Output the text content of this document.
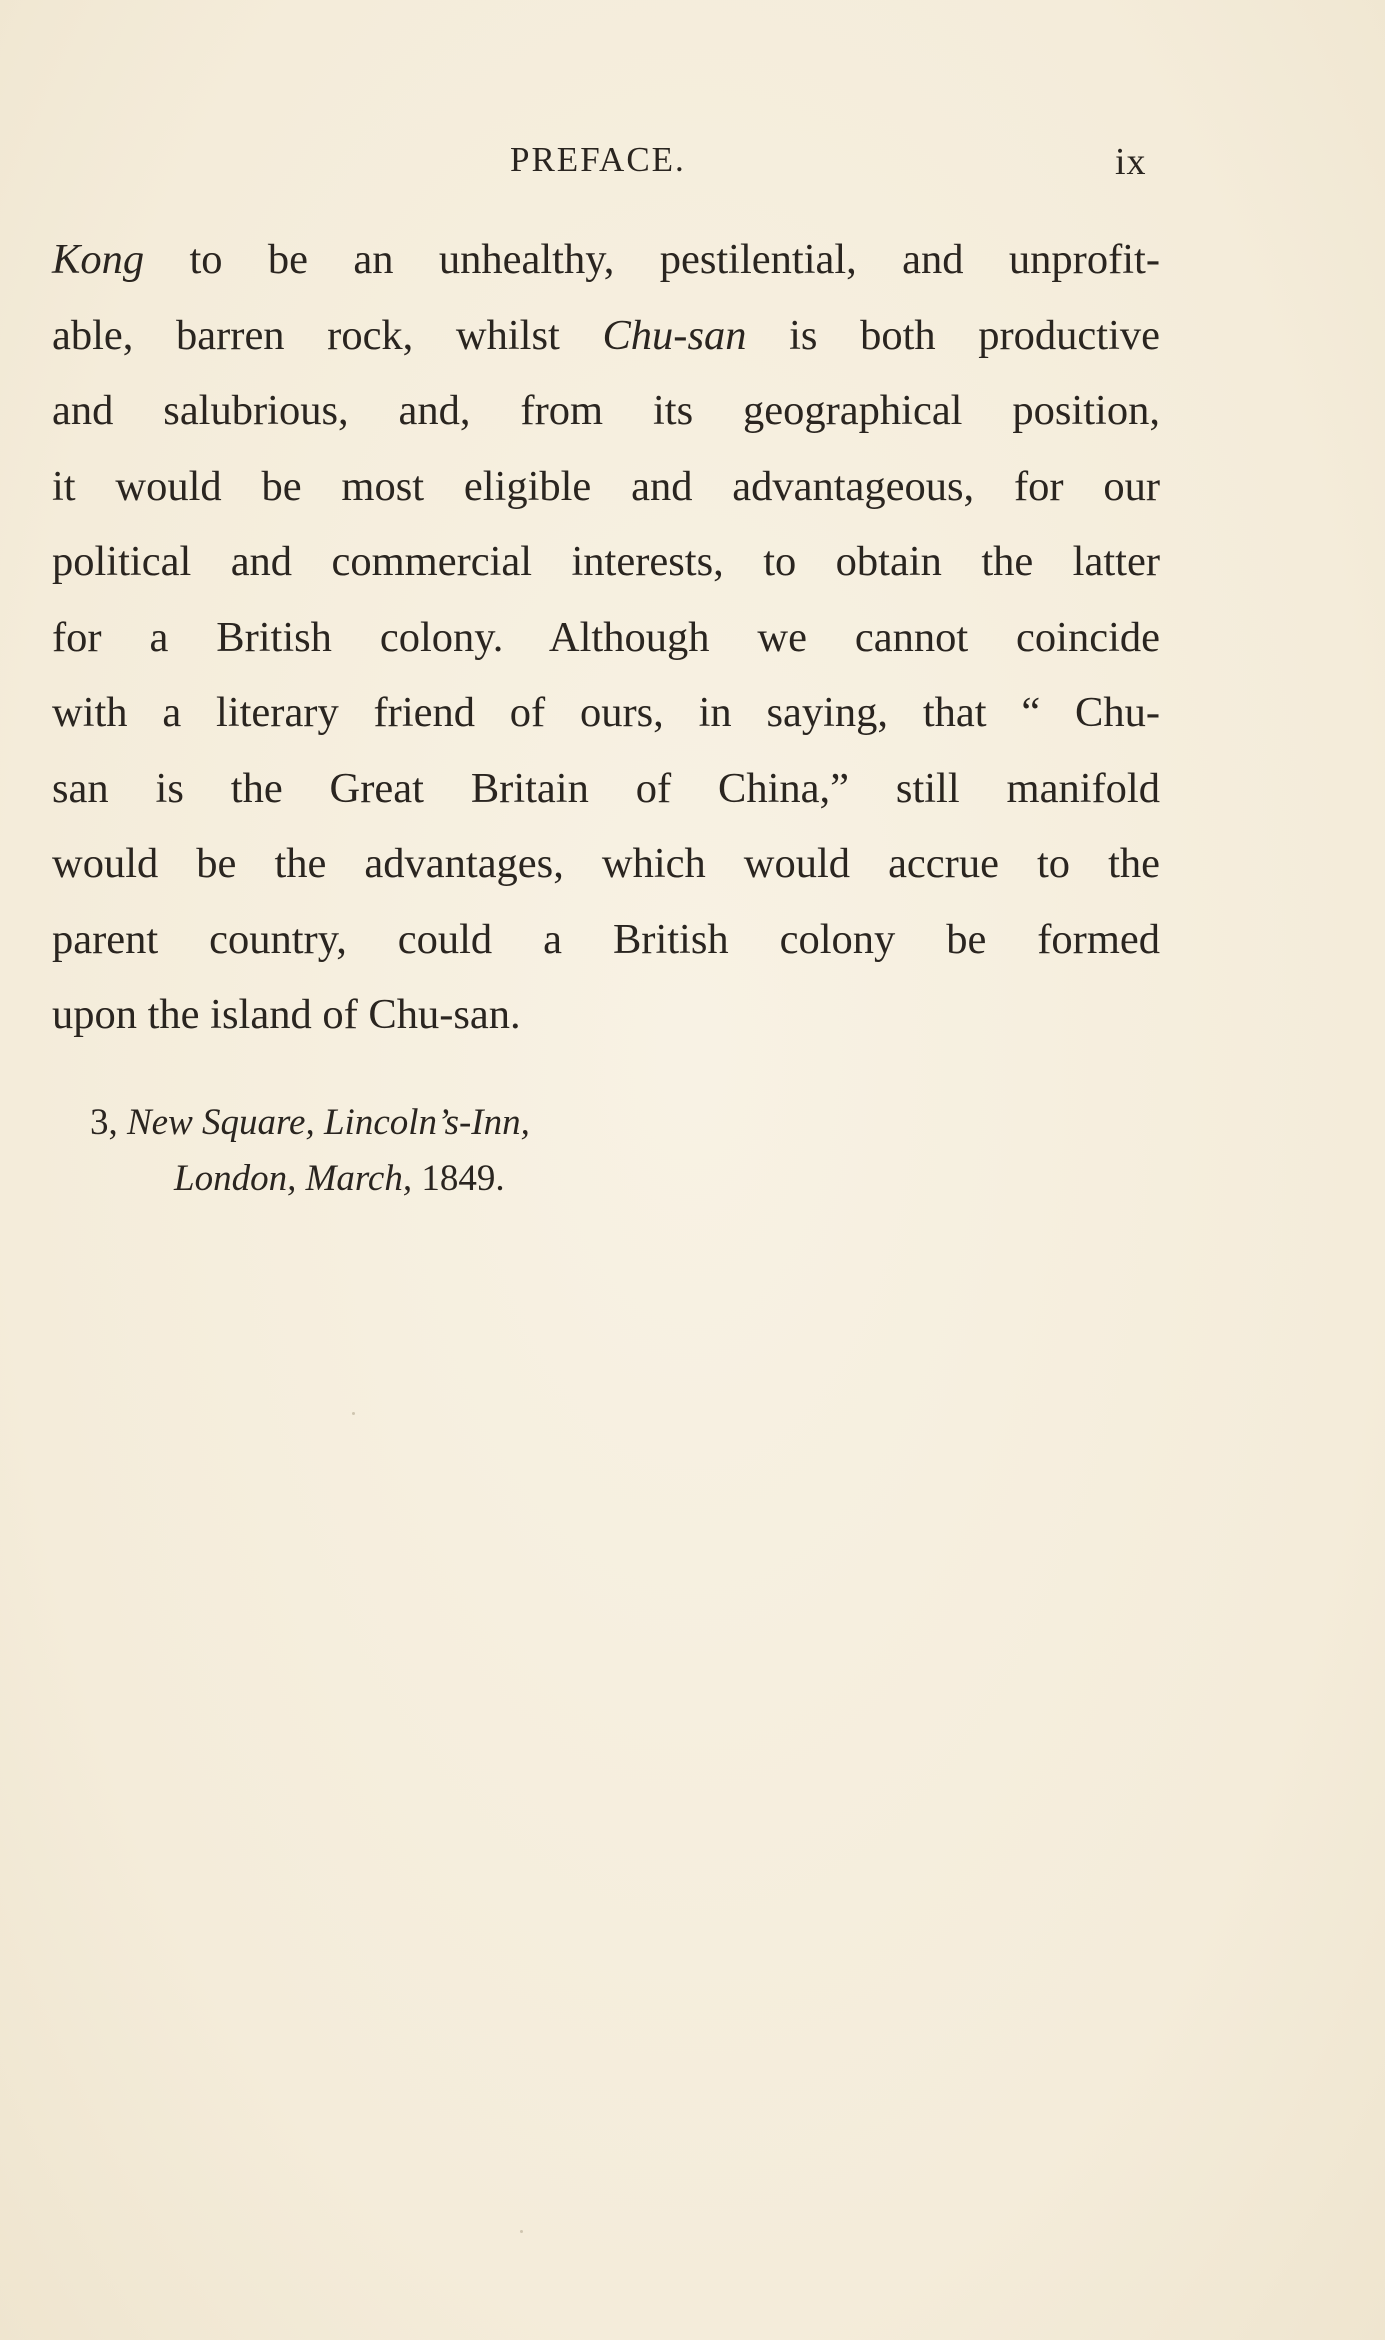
PREFACE.	ix
Kong to be an unhealthy, pestilential, and unprofit-
able, barren rock, whilst Chu-san is both productive
and salubrious, and, from its geographical position,
it would be most eligible and advantageous, for our
political and commercial interests, to obtain the latter
for a British colony. Although we cannot coincide
with a literary friend of ours, in saying, that “ Chu-
san is the Great Britain of China,” still manifold
would be the advantages, which would accrue to the
parent country, could a British colony be formed
upon the island of Chu-san.
3, New Square, Lincoln’s-Inn,
London, March, 1849.
